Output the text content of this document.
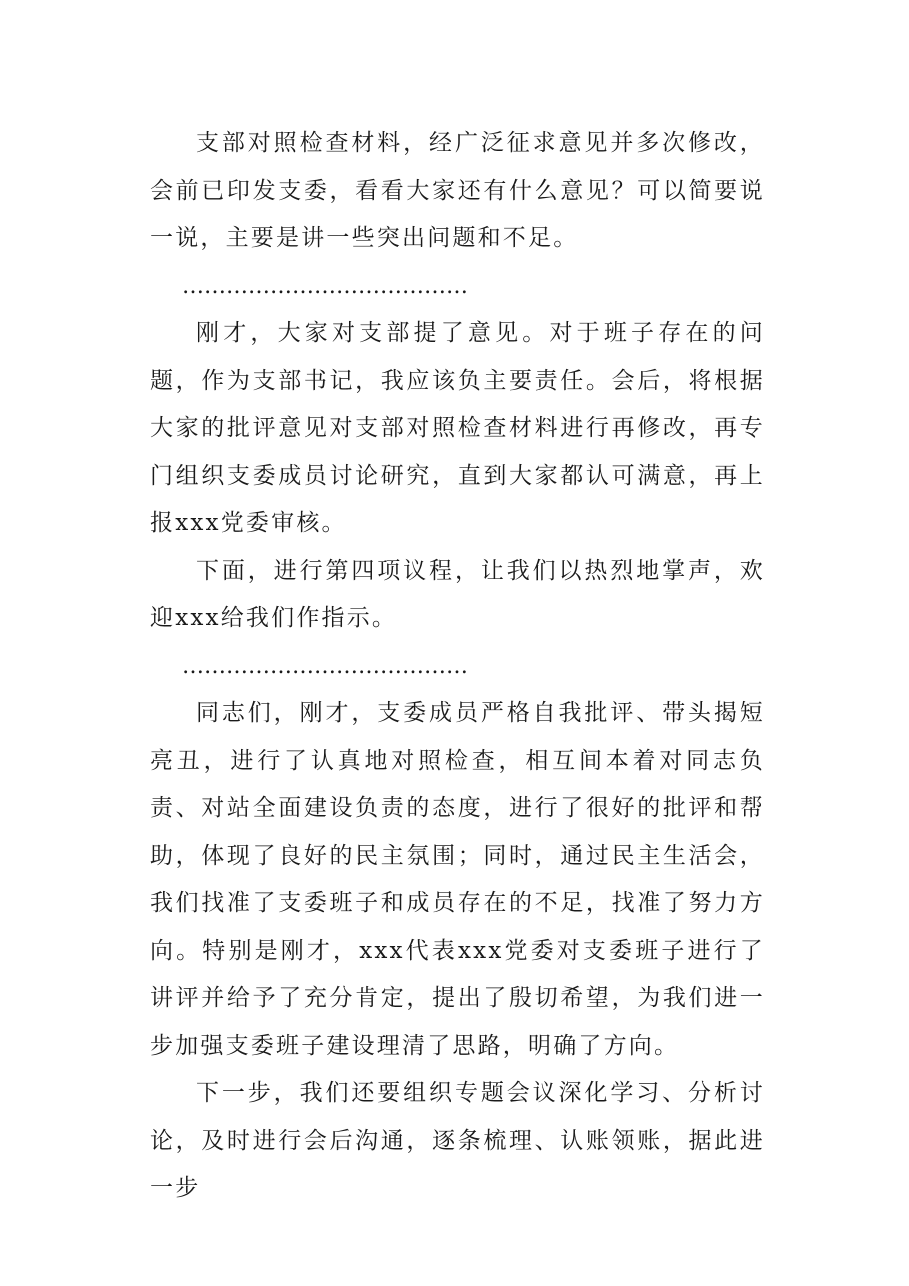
支部对照检查材料，经广泛征求意见并多次修改，会前已印发支委，看看大家还有什么意见？可以简要说一说，主要是讲一些突出问题和不足。

…………………………………

刚才，大家对支部提了意见。对于班子存在的问题，作为支部书记，我应该负主要责任。会后，将根据大家的批评意见对支部对照检查材料进行再修改，再专门组织支委成员讨论研究，直到大家都认可满意，再上报xxx党委审核。

下面，进行第四项议程，让我们以热烈地掌声，欢迎xxx给我们作指示。

…………………………………

同志们，刚才，支委成员严格自我批评、带头揭短亮丑，进行了认真地对照检查，相互间本着对同志负责、对站全面建设负责的态度，进行了很好的批评和帮助，体现了良好的民主氛围；同时，通过民主生活会，我们找准了支委班子和成员存在的不足，找准了努力方向。特别是刚才，xxx代表xxx党委对支委班子进行了讲评并给予了充分肯定，提出了殷切希望，为我们进一步加强支委班子建设理清了思路，明确了方向。

下一步，我们还要组织专题会议深化学习、分析讨论，及时进行会后沟通，逐条梳理、认账领账，据此进一步
